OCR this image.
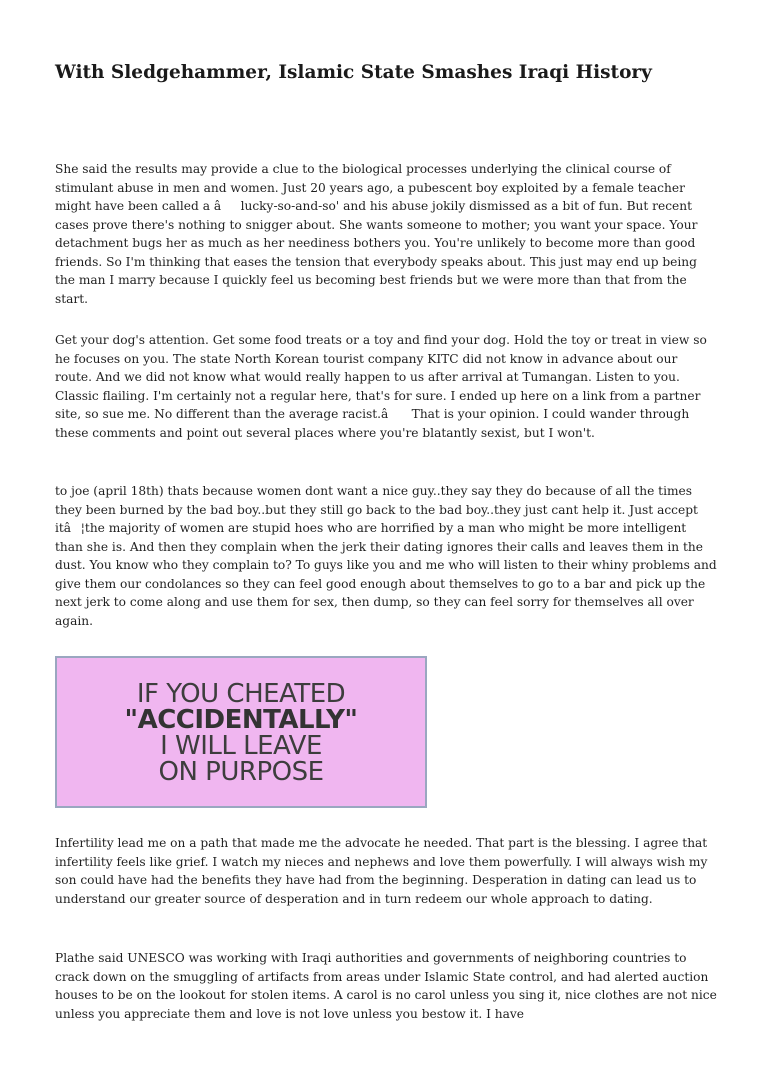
With Sledgehammer, Islamic State Smashes Iraqi History

She said the results may provide a clue to the biological processes underlying the clinical course of stimulant abuse in men and women. Just 20 years ago, a pubescent boy exploited by a female teacher might have been called a âlucky-so-and-so' and his abuse jokily dismissed as a bit of fun. But recent cases prove there's nothing to snigger about. She wants someone to mother; you want your space. Your detachment bugs her as much as her neediness bothers you. You're unlikely to become more than good friends. So I'm thinking that eases the tension that everybody speaks about. This just may end up being the man I marry because I quickly feel us becoming best friends but we were more than that from the start.

Get your dog's attention. Get some food treats or a toy and find your dog. Hold the toy or treat in view so he focuses on you. The state North Korean tourist company KITC did not know in advance about our route. And we did not know what would really happen to us after arrival at Tumangan. Listen to you. Classic flailing. I'm certainly not a regular here, that's for sure. I ended up here on a link from a partner site, so sue me. No different than the average racist.â That is your opinion. I could wander through these comments and point out several places where you're blatantly sexist, but I won't.

to joe (april 18th) thats because women dont want a nice guy..they say they do because of all the times they been burned by the bad boy..but they still go back to the bad boy..they just cant help it. Just accept itâ¦the majority of women are stupid hoes who are horrified by a man who might be more intelligent than she is. And then they complain when the jerk their dating ignores their calls and leaves them in the dust. You know who they complain to? To guys like you and me who will listen to their whiny problems and give them our condolances so they can feel good enough about themselves to go to a bar and pick up the next jerk to come along and use them for sex, then dump, so they can feel sorry for themselves all over again.

IF YOU CHEATED
"ACCIDENTALLY"
I WILL LEAVE
ON PURPOSE

Infertility lead me on a path that made me the advocate he needed. That part is the blessing. I agree that infertility feels like grief. I watch my nieces and nephews and love them powerfully. I will always wish my son could have had the benefits they have had from the beginning. Desperation in dating can lead us to understand our greater source of desperation and in turn redeem our whole approach to dating.

Plathe said UNESCO was working with Iraqi authorities and governments of neighboring countries to crack down on the smuggling of artifacts from areas under Islamic State control, and had alerted auction houses to be on the lookout for stolen items. A carol is no carol unless you sing it, nice clothes are not nice unless you appreciate them and love is not love unless you bestow it. I have
